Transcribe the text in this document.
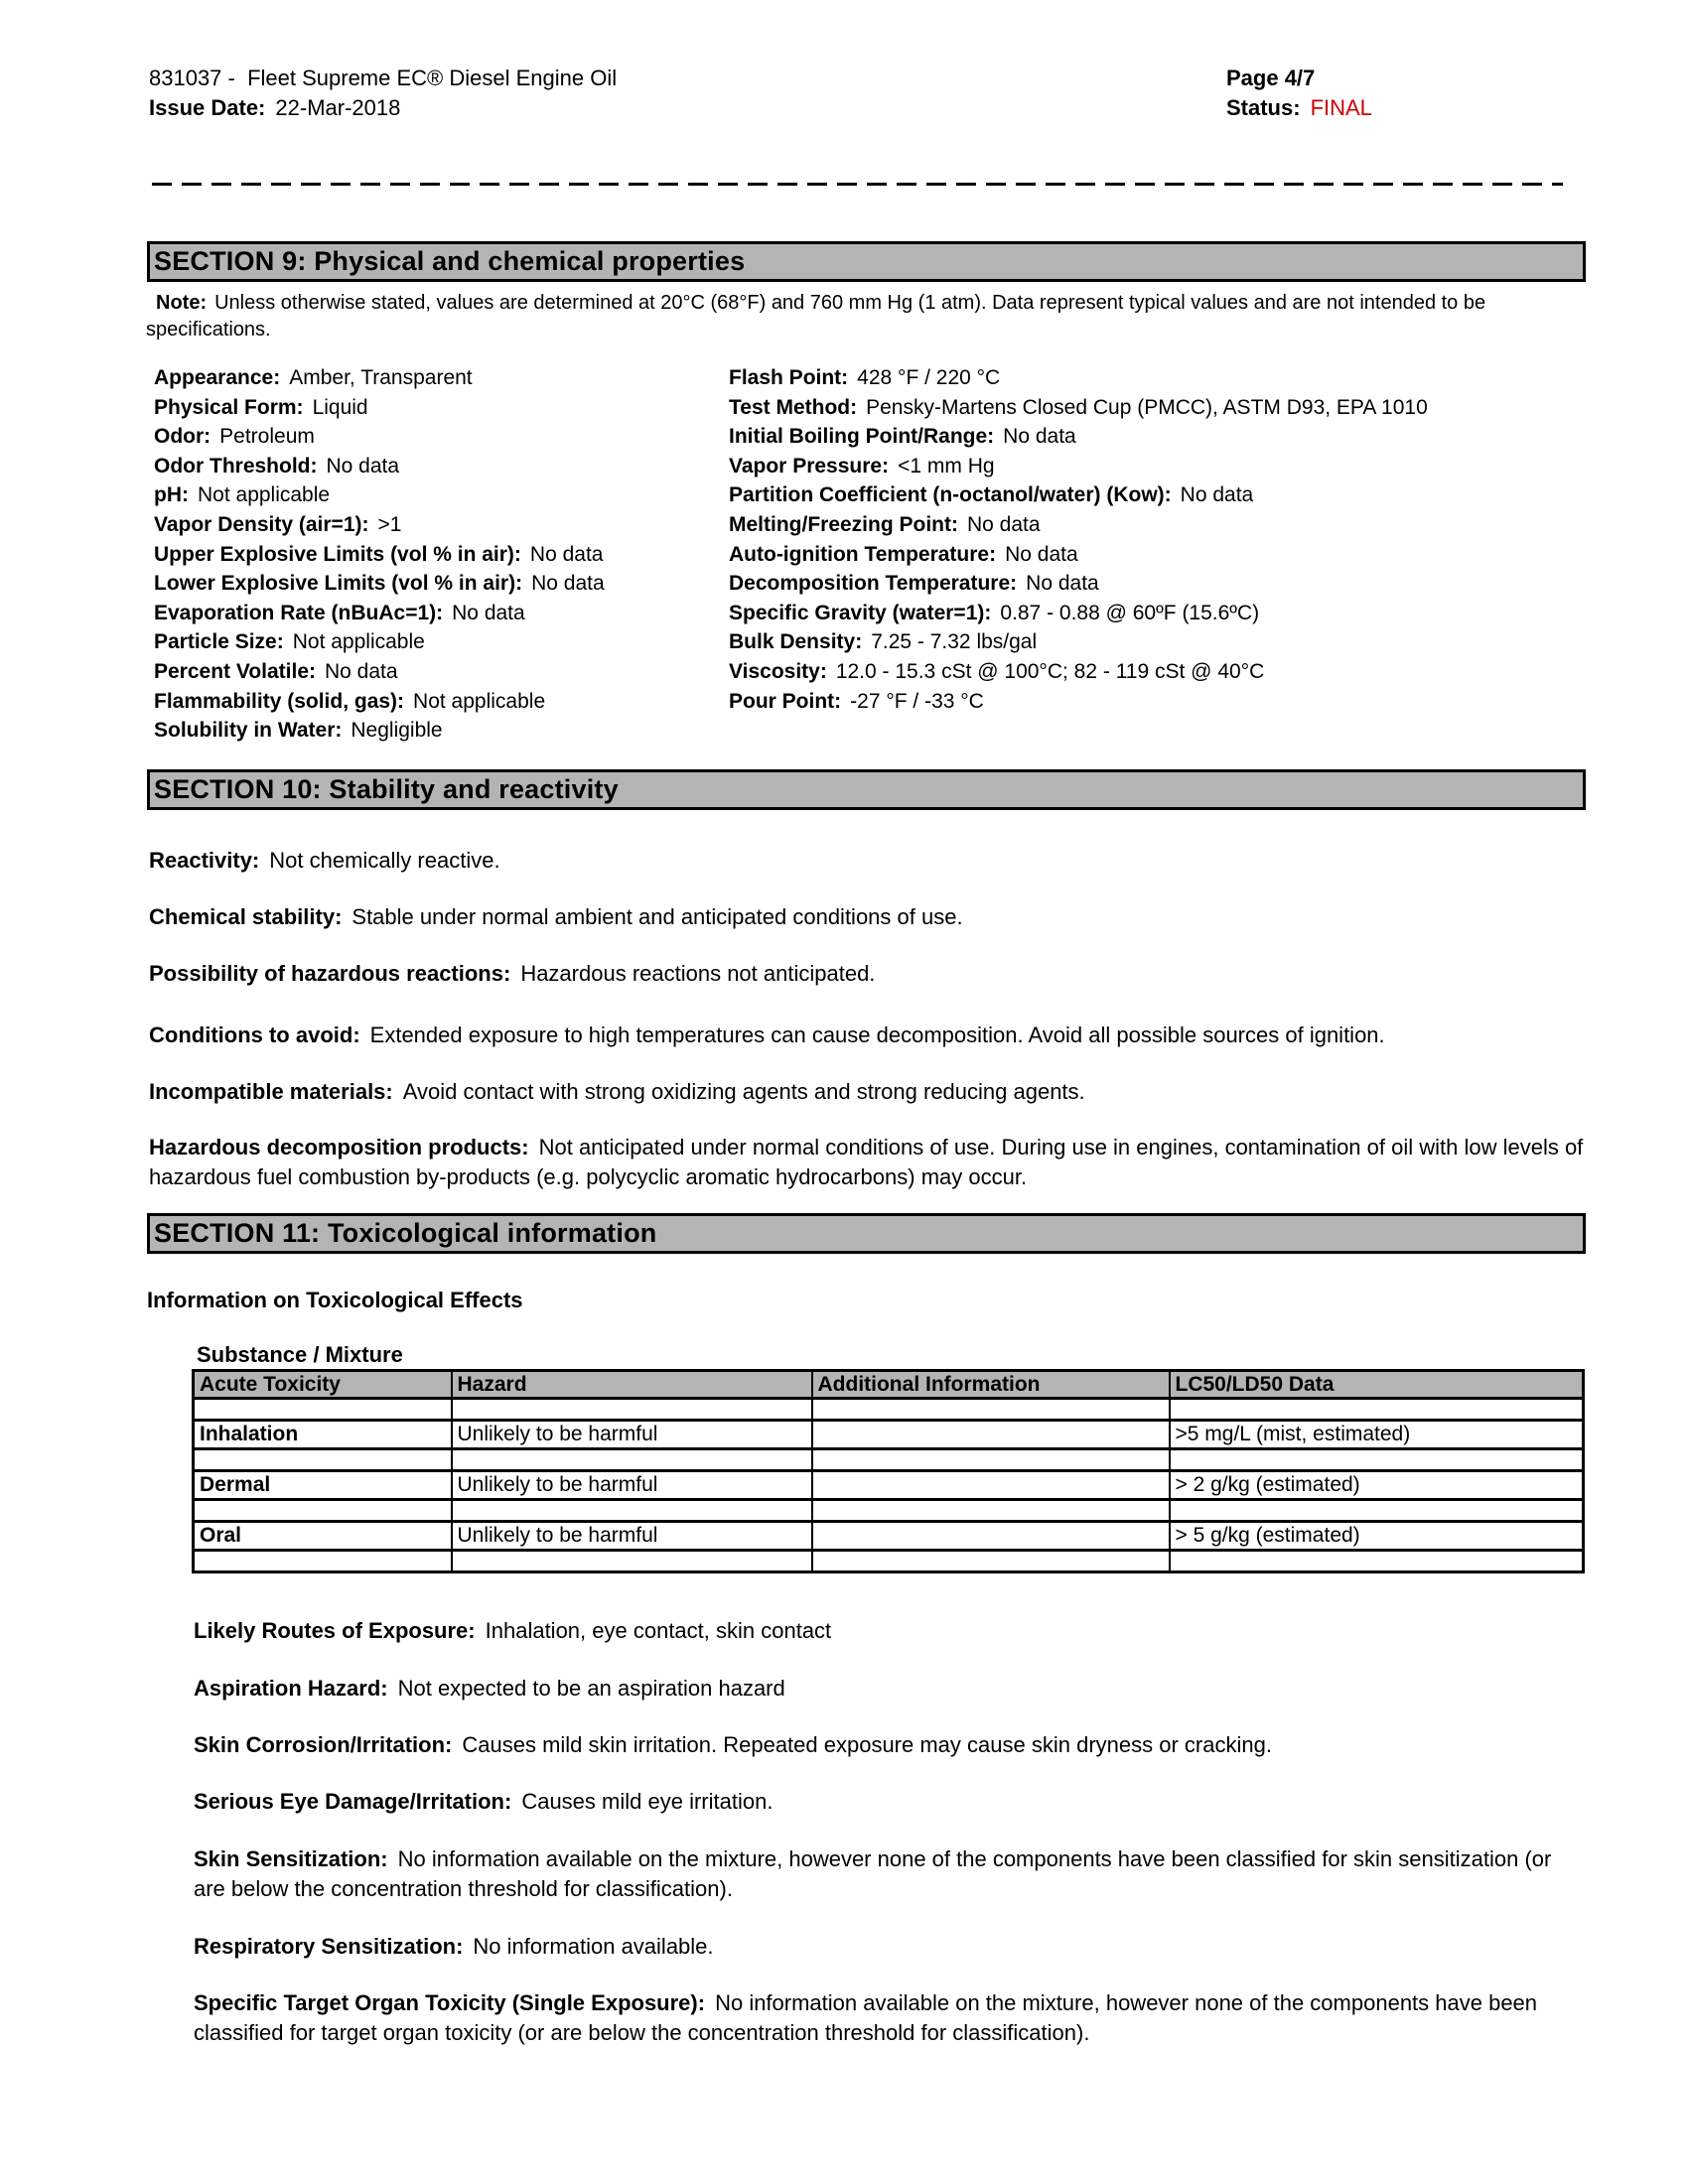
831037 -  Fleet Supreme EC® Diesel Engine Oil
Issue Date: 22-Mar-2018
Page 4/7
Status: FINAL
SECTION 9: Physical and chemical properties

Note: Unless otherwise stated, values are determined at 20°C (68°F) and 760 mm Hg (1 atm). Data represent typical values and are not intended to be specifications.

Appearance: Amber, Transparent
Physical Form: Liquid
Odor: Petroleum
Odor Threshold: No data
pH: Not applicable
Vapor Density (air=1): >1
Upper Explosive Limits (vol % in air): No data
Lower Explosive Limits (vol % in air): No data
Evaporation Rate (nBuAc=1): No data
Particle Size: Not applicable
Percent Volatile: No data
Flammability (solid, gas): Not applicable
Solubility in Water: Negligible
Flash Point: 428 °F / 220 °C
Test Method: Pensky-Martens Closed Cup (PMCC), ASTM D93, EPA 1010
Initial Boiling Point/Range: No data
Vapor Pressure: <1 mm Hg
Partition Coefficient (n-octanol/water) (Kow): No data
Melting/Freezing Point: No data
Auto-ignition Temperature: No data
Decomposition Temperature: No data
Specific Gravity (water=1): 0.87 - 0.88 @ 60ºF (15.6ºC)
Bulk Density: 7.25 - 7.32 lbs/gal
Viscosity: 12.0 - 15.3 cSt @ 100°C; 82 - 119 cSt @ 40°C
Pour Point: -27 °F / -33 °C
SECTION 10: Stability and reactivity

Reactivity: Not chemically reactive.

Chemical stability: Stable under normal ambient and anticipated conditions of use.

Possibility of hazardous reactions: Hazardous reactions not anticipated.

Conditions to avoid: Extended exposure to high temperatures can cause decomposition. Avoid all possible sources of ignition.

Incompatible materials: Avoid contact with strong oxidizing agents and strong reducing agents.

Hazardous decomposition products: Not anticipated under normal conditions of use. During use in engines, contamination of oil with low levels of hazardous fuel combustion by-products (e.g. polycyclic aromatic hydrocarbons) may occur.

SECTION 11: Toxicological information
Information on Toxicological Effects
Substance / Mixture
Acute Toxicity	Hazard	Additional Information	LC50/LD50 Data

Inhalation	Unlikely to be harmful		>5 mg/L (mist, estimated)

Dermal	Unlikely to be harmful		> 2 g/kg (estimated)

Oral	Unlikely to be harmful		> 5 g/kg (estimated)

Likely Routes of Exposure: Inhalation, eye contact, skin contact

Aspiration Hazard: Not expected to be an aspiration hazard

Skin Corrosion/Irritation: Causes mild skin irritation. Repeated exposure may cause skin dryness or cracking.

Serious Eye Damage/Irritation: Causes mild eye irritation.

Skin Sensitization: No information available on the mixture, however none of the components have been classified for skin sensitization (or are below the concentration threshold for classification).

Respiratory Sensitization: No information available.

Specific Target Organ Toxicity (Single Exposure): No information available on the mixture, however none of the components have been classified for target organ toxicity (or are below the concentration threshold for classification).
